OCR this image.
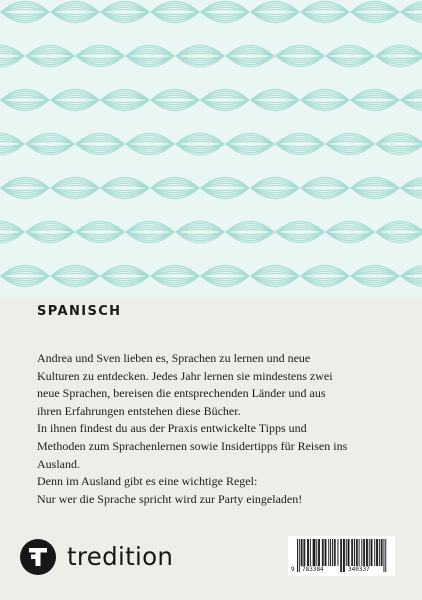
SPANISCH

Andrea und Sven lieben es, Sprachen zu lernen und neue

Kulturen zu entdecken. Jedes Jahr lernen sie mindestens zwei

neue Sprachen, bereisen die entsprechenden Länder und aus

ihren Erfahrungen entstehen diese Bücher.

In ihnen findest du aus der Praxis entwickelte Tipps und

Methoden zum Sprachenlernen sowie Insidertipps für Reisen ins

Ausland.

Denn im Ausland gibt es eine wichtige Regel:

Nur wer die Sprache spricht wird zur Party eingeladen!

tredition	9 783384	340337
